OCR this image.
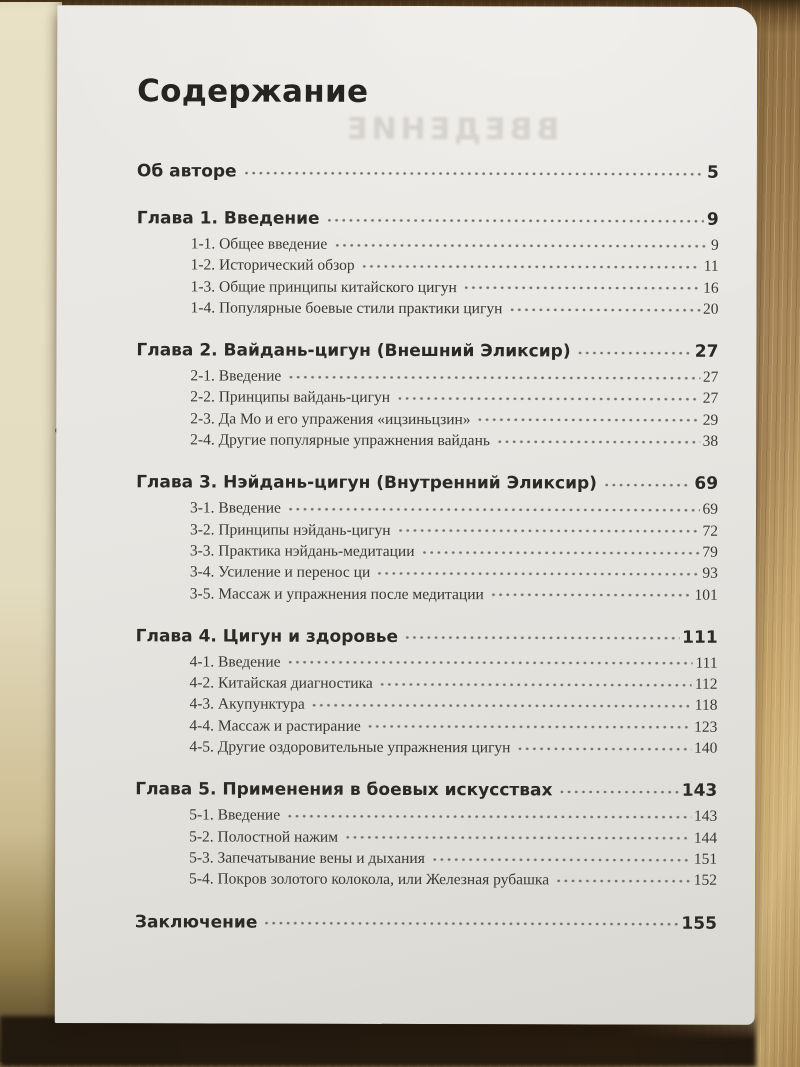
ВВЕДЕНИЕ
Содержание
Об авторе	5
Глава 1. Введение	9
1-1. Общее введение	9
1-2. Исторический обзор	11
1-3. Общие принципы китайского цигун	16
1-4. Популярные боевые стили практики цигун	20
Глава 2. Вайдань-цигун (Внешний Эликсир)	27
2-1. Введение	27
2-2. Принципы вайдань-цигун	27
2-3. Да Мо и его упражения «ицзиньцзин»	29
2-4. Другие популярные упражнения вайдань	38
Глава 3. Нэйдань-цигун (Внутренний Эликсир)	69
3-1. Введение	69
3-2. Принципы нэйдань-цигун	72
3-3. Практика нэйдань-медитации	79
3-4. Усиление и перенос ци	93
3-5. Массаж и упражнения после медитации	101
Глава 4. Цигун и здоровье	111
4-1. Введение	111
4-2. Китайская диагностика	112
4-3. Акупунктура	118
4-4. Массаж и растирание	123
4-5. Другие оздоровительные упражнения цигун	140
Глава 5. Применения в боевых искусствах	143
5-1. Введение	143
5-2. Полостной нажим	144
5-3. Запечатывание вены и дыхания	151
5-4. Покров золотого колокола, или Железная рубашка	152
Заключение	155
